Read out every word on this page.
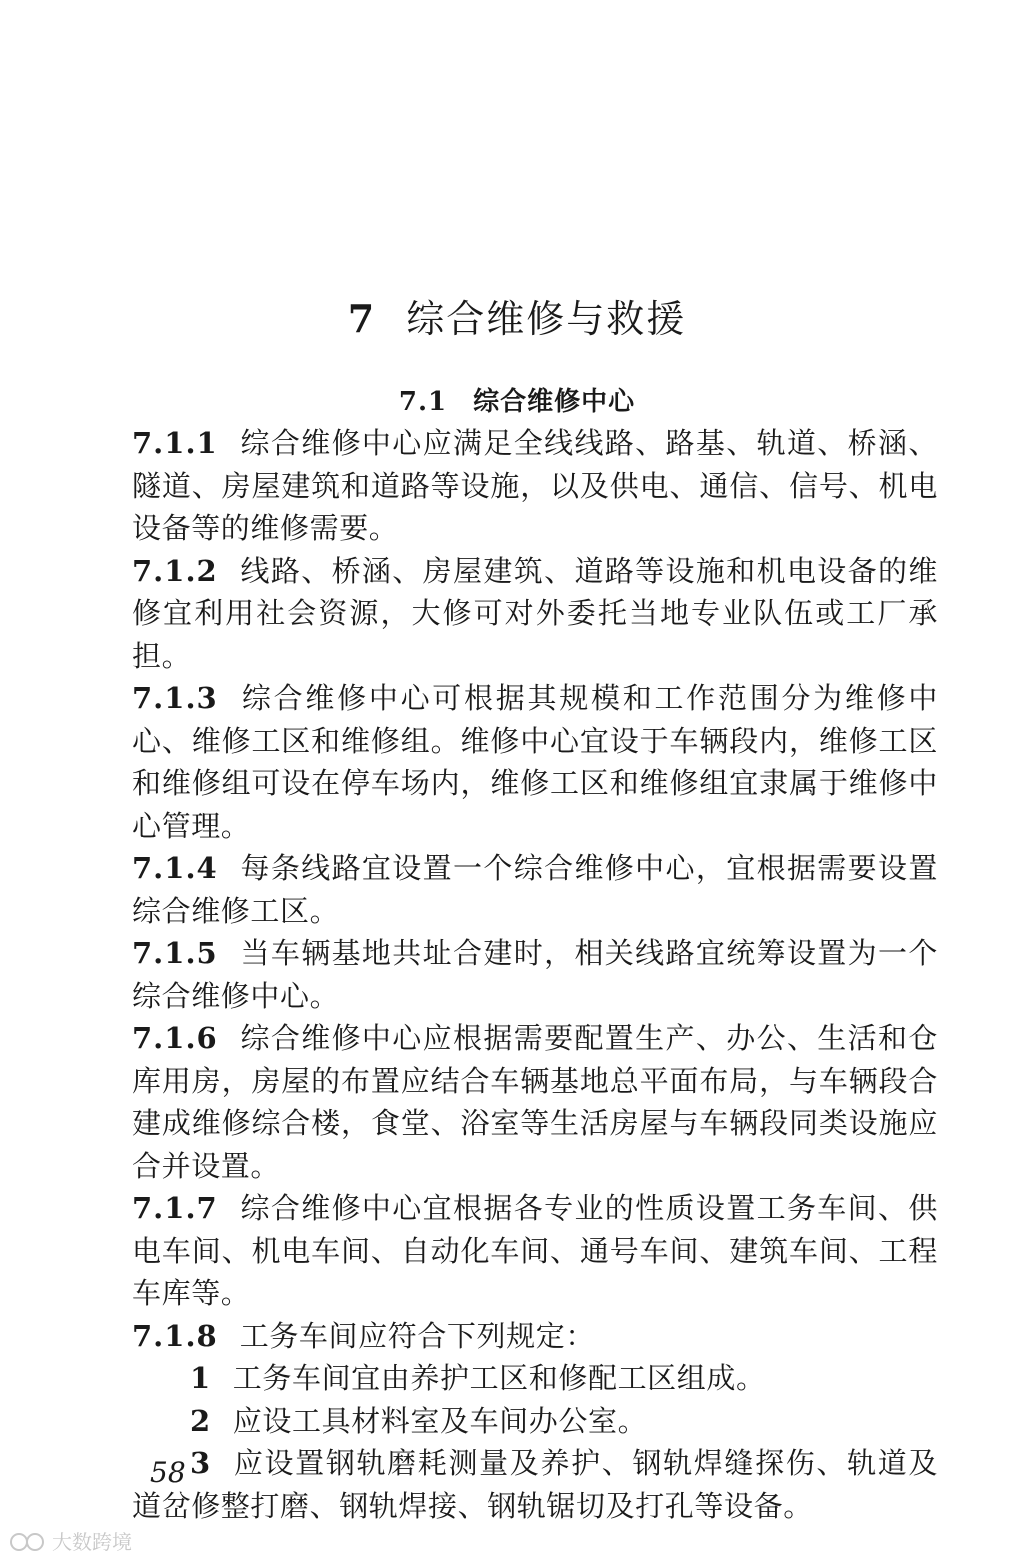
7 综合维修与救援
7.1 综合维修中心

7.1.1 综合维修中心应满足全线线路、路基、轨道、桥涵、隧道、房屋建筑和道路等设施，以及供电、通信、信号、机电设备等的维修需要。

7.1.2 线路、桥涵、房屋建筑、道路等设施和机电设备的维修宜利用社会资源，大修可对外委托当地专业队伍或工厂承担。

7.1.3 综合维修中心可根据其规模和工作范围分为维修中心、维修工区和维修组。维修中心宜设于车辆段内，维修工区和维修组可设在停车场内，维修工区和维修组宜隶属于维修中心管理。

7.1.4 每条线路宜设置一个综合维修中心，宜根据需要设置综合维修工区。

7.1.5 当车辆基地共址合建时，相关线路宜统筹设置为一个综合维修中心。

7.1.6 综合维修中心应根据需要配置生产、办公、生活和仓库用房，房屋的布置应结合车辆基地总平面布局，与车辆段合建成维修综合楼，食堂、浴室等生活房屋与车辆段同类设施应合并设置。

7.1.7 综合维修中心宜根据各专业的性质设置工务车间、供电车间、机电车间、自动化车间、通号车间、建筑车间、工程车库等。

7.1.8 工务车间应符合下列规定：

1 工务车间宜由养护工区和修配工区组成。

2 应设工具材料室及车间办公室。

3 应设置钢轨磨耗测量及养护、钢轨焊缝探伤、轨道及道岔修整打磨、钢轨焊接、钢轨锯切及打孔等设备。

58
大数跨境
